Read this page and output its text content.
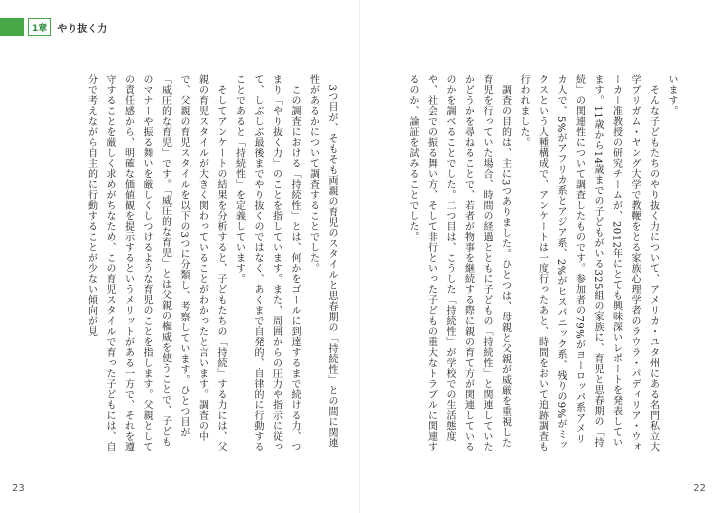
1章	やり抜く力
　3つ目が、そもそも両親の育児のスタイルと思春期の「持続性」との間に関連性があるかについて調査することでした。
　この調査における「持続性」とは、何かをゴールに到達するまで続ける力、つまり「やり抜く力」のことを指しています。また、周囲からの圧力や指示に従って、しぶしぶ最後までやり抜くのではなく、あくまで自発的、自律的に行動することであると「持続性」を定義しています。
　そしてアンケートの結果を分析すると、子どもたちの「持続」する力には、父親の育児スタイルが大きく関わっていることがわかったと言います。調査の中で、父親の育児スタイルを以下の3つに分類し、考察しています。ひとつ目が「威圧的な育児」です。「威圧的な育児」とは父親の権威を使うことで、子どものマナーや振る舞いを厳しくしつけるような育児のことを指します。父親としての責任感から、明確な価値観を提示するというメリットがある一方で、それを遵守することを厳しく求めがちなため、この育児スタイルで育った子どもには、自分で考えながら自主的に行動することが少ない傾向が見	います。
　そんな子どもたちのやり抜く力について、アメリカ・ユタ州にある名門私立大学ブリガム・ヤング大学で教鞭をとる家族心理学者のラウラ・パディリア・ウォーカー准教授の研究チームが、2012年にとても興味深いレポートを発表しています。11歳から14歳までの子どもがいる325組の家族に、育児と思春期の「持続」の関連性について調査したものです。参加者の79%がヨーロッパ系アメリカ人で、5%がアフリカ系とアジア系、2%がヒスパニック系、残りの9%がミックスという人種構成で、アンケートは一度行ったあと、時間をおいて追跡調査も行われました。
　調査の目的は、主に3つありました。ひとつは、母親と父親が威厳を重視した育児を行っていた場合、時間の経過とともに子どもの「持続性」と関連していたかどうかを尋ねることで、若者が物事を継続する際に親の育て方が関連しているのかを調べることでした。二つ目は、こうした「持続性」が学校での生活態度や、社会での振る舞い方、そして非行といった子どもの重大なトラブルに関連するのか、論証を試みることでした。
23	22
